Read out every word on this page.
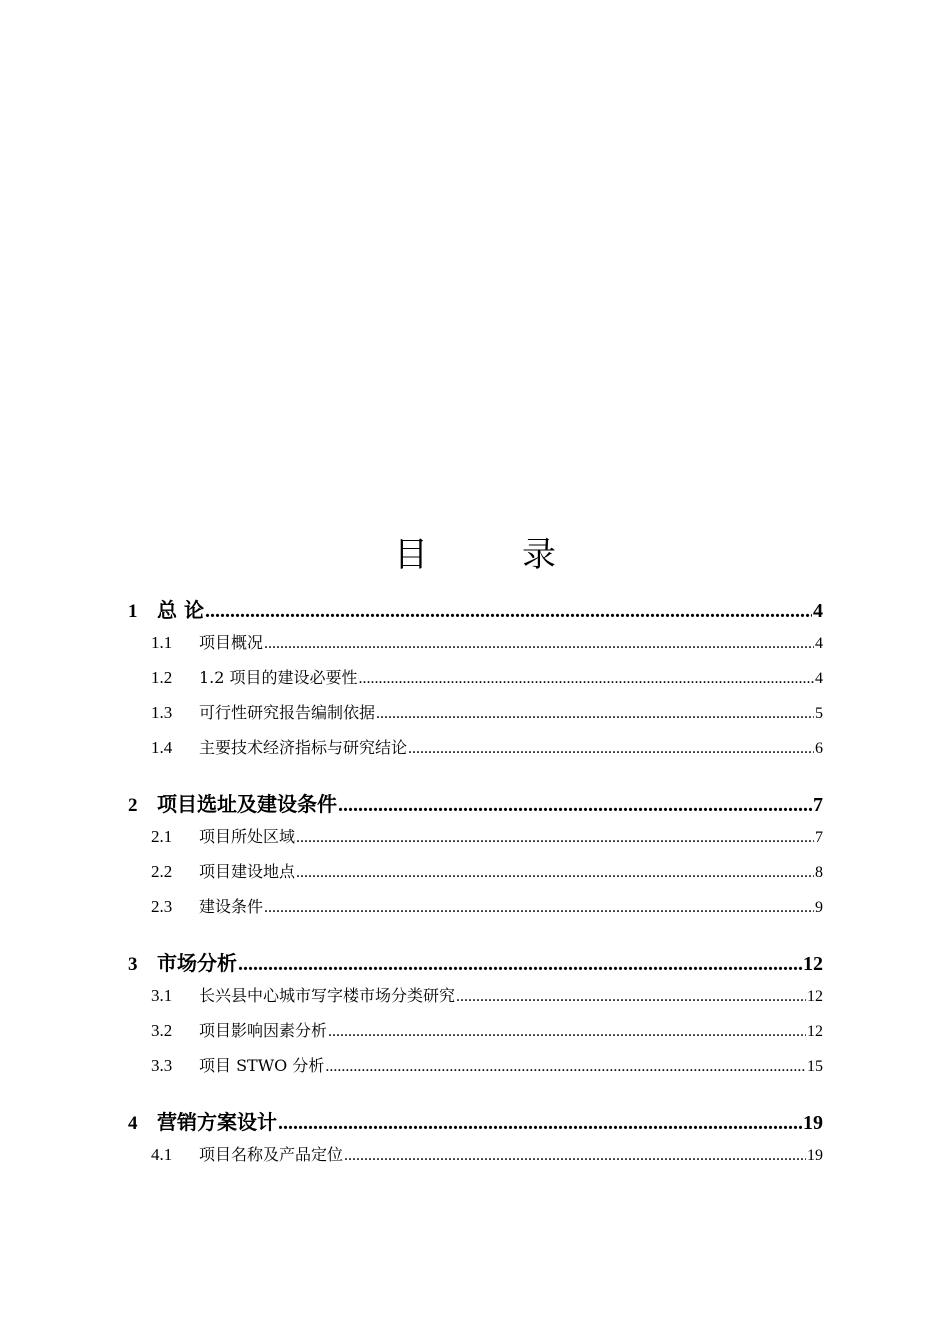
目　录
1 总 论 .....	4
1.1	项目概况 .....	4
1.2	1.2 项目的建设必要性 .....	4
1.3	可行性研究报告编制依据 .....	5
1.4	主要技术经济指标与研究结论 .....	6
2 项目选址及建设条件 .....	7
2.1	项目所处区域 .....	7
2.2	项目建设地点 .....	8
2.3	建设条件 .....	9
3 市场分析 .....	12
3.1	长兴县中心城市写字楼市场分类研究 .....	12
3.2	项目影响因素分析 .....	12
3.3	项目 STWO 分析 .....	15
4 营销方案设计 .....	19
4.1	项目名称及产品定位 .....	19
